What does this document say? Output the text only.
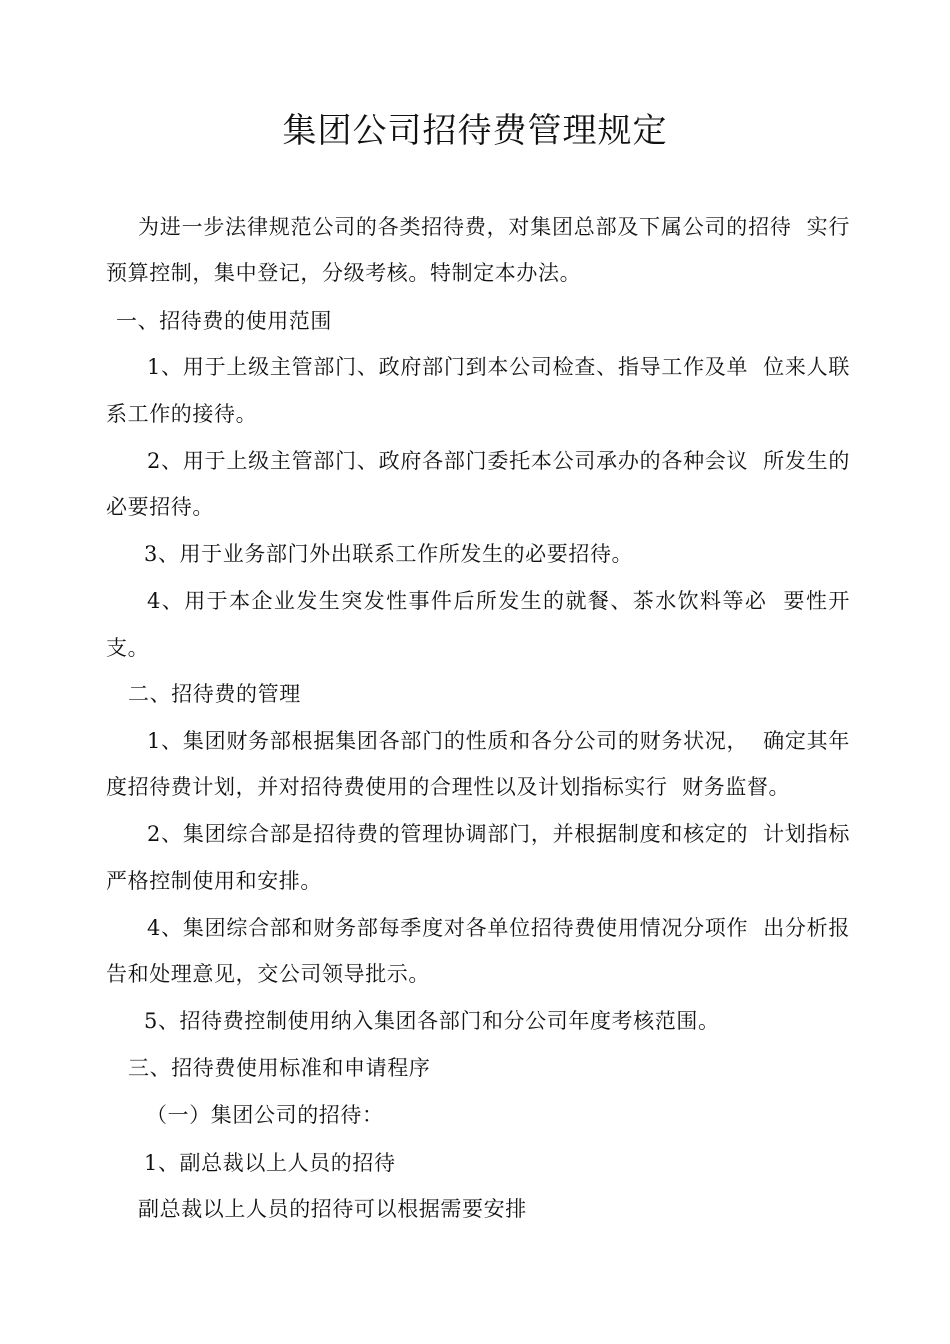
集团公司招待费管理规定
为进一步法律规范公司的各类招待费，对集团总部及下属公司的招待  实行
预算控制，集中登记，分级考核。特制定本办法。
一、招待费的使用范围
1、用于上级主管部门、政府部门到本公司检查、指导工作及单  位来人联
系工作的接待。
2、用于上级主管部门、政府各部门委托本公司承办的各种会议  所发生的
必要招待。
3、用于业务部门外出联系工作所发生的必要招待。
4、用于本企业发生突发性事件后所发生的就餐、茶水饮料等必  要性开
支。
二、招待费的管理
1、集团财务部根据集团各部门的性质和各分公司的财务状况，  确定其年
度招待费计划，并对招待费使用的合理性以及计划指标实行  财务监督。
2、集团综合部是招待费的管理协调部门，并根据制度和核定的  计划指标
严格控制使用和安排。
4、集团综合部和财务部每季度对各单位招待费使用情况分项作  出分析报
告和处理意见，交公司领导批示。
5、招待费控制使用纳入集团各部门和分公司年度考核范围。
三、招待费使用标准和申请程序
（一）集团公司的招待：
1、副总裁以上人员的招待
副总裁以上人员的招待可以根据需要安排
